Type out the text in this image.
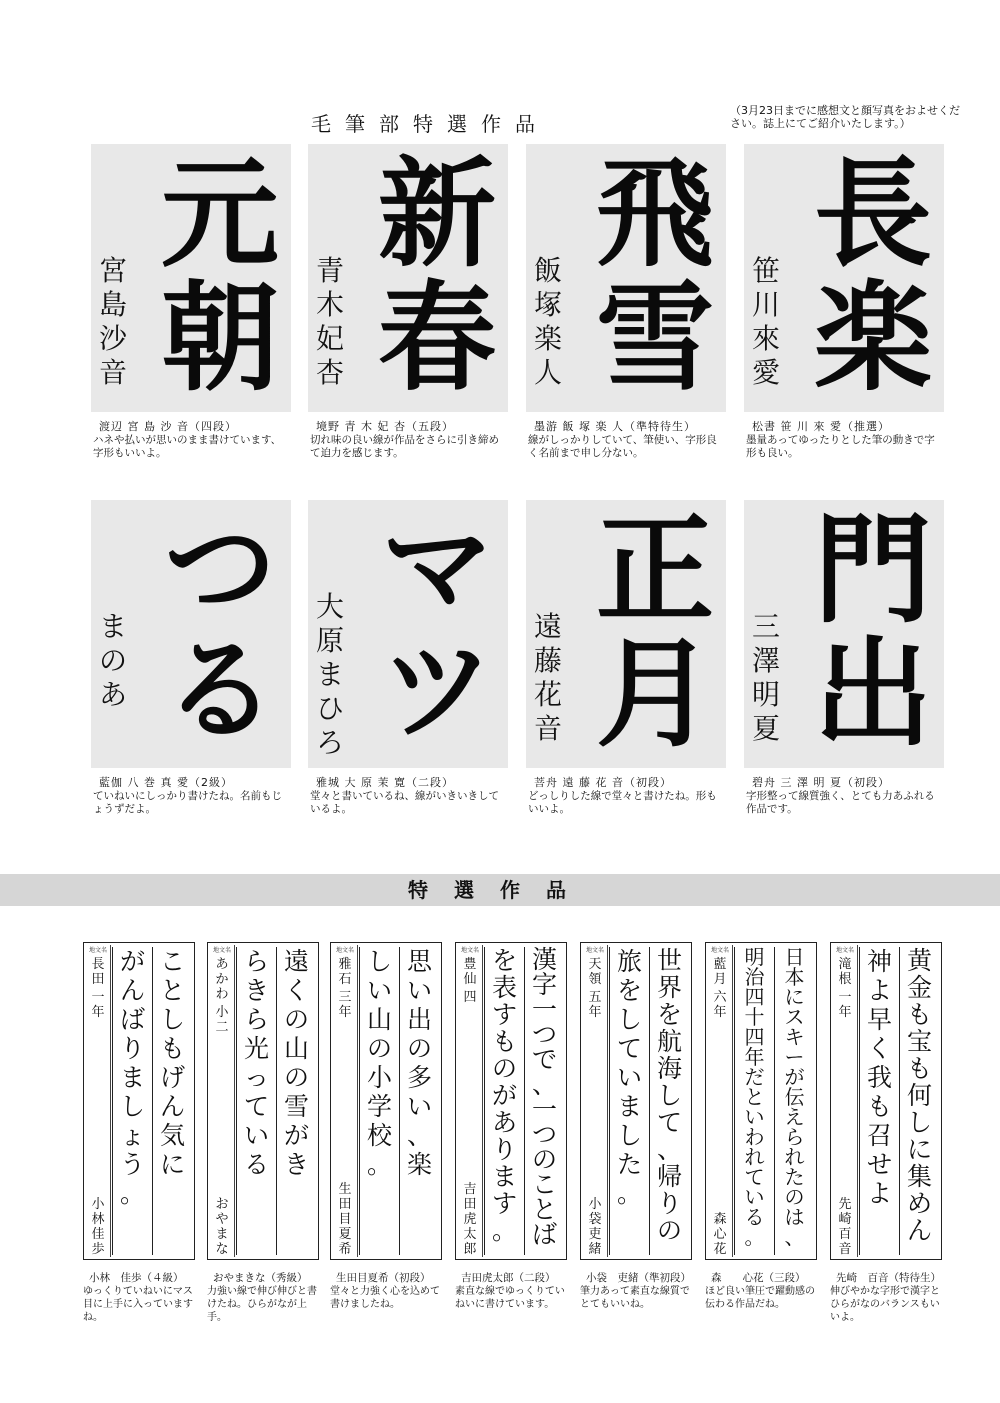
毛筆部特選作品
（3月23日までに感想文と顔写真をおよせください。誌上にてご紹介いたします。）
元
朝
宮
島
沙
音
渡辺 宮 島 沙 音（四段）
ハネや払いが思いのまま書けています、字形もいいよ。
新
春
青
木
妃
杏
境野 青 木 妃 杏（五段）
切れ味の良い線が作品をさらに引き締めて迫力を感じます。
飛
雪
飯
塚
楽
人
墨游 飯 塚 楽 人（準特待生）
線がしっかりしていて、筆使い、字形良く名前まで申し分ない。
長
楽
笹
川
來
愛
松書 笹 川 來 愛（推選）
墨量あってゆったりとした筆の動きで字形も良い。
つ
る
ま
の
あ
藍伽 八 巻 真 愛（2級）
ていねいにしっかり書けたね。名前もじょうずだよ。
マ
ツ
大
原
ま
ひ
ろ
雅城 大 原 茉 寛（二段）
堂々と書いているね、線がいきいきしているよ。
正
月
遠
藤
花
音
菩舟 遠 藤 花 音（初段）
どっしりした線で堂々と書けたね。形もいいよ。
門
出
三
澤
明
夏
碧舟 三 澤 明 夏（初段）
字形整って線質強く、とても力あふれる作品です。
特選作品
地文名
長
田
一
年
小
林
佳
歩
こ
と
し
も
げ
ん
気
に
が
ん
ば
り
ま
し
ょ
う
。
小林　佳歩（４級）
ゆっくりていねいにマス目に上手に入っていますね。
地文名
あ
か
わ
小
二
お
や
ま
な
遠
く
の
山
の
雪
が
き
ら
き
ら
光
っ
て
い
る
おやまきな（秀級）
力強い線で伸び伸びと書けたね。ひらがなが上手。
地文名
雅
石
三
年
生
田
目
夏
希
思
い
出
の
多
い
、
楽
し
い
山
の
小
学
校
。
生田目夏希（初段）
堂々と力強く心を込めて書けましたね。
地文名
豊
仙
四
吉
田
虎
太
郎
漢
字
一
つ
で
、
一
つ
の
こ
と
ば
を
表
す
も
の
が
あ
り
ま
す
。
吉田虎太郎（二段）
素直な線でゆっくりていねいに書けています。
地文名
天
領
五
年
小
袋
吏
緒
世
界
を
航
海
し
て
、
帰
り
の
旅
を
し
て
い
ま
し
た
。
小袋　吏緒（準初段）
筆力あって素直な線質でとてもいいね。
地文名
藍
月
六
年
森
心
花
日
本
に
ス
キ
ー
が
伝
え
ら
れ
た
の
は
、
明
治
四
十
四
年
だ
と
い
わ
れ
て
い
る
。
森　　心花（三段）
ほど良い筆圧で躍動感の伝わる作品だね。
地文名
滝
根
一
年
先
崎
百
音
黄
金
も
宝
も
何
し
に
集
め
ん
神
よ
早
く
我
も
召
せ
よ
先崎　百音（特待生）
伸びやかな字形で漢字とひらがなのバランスもいいよ。
